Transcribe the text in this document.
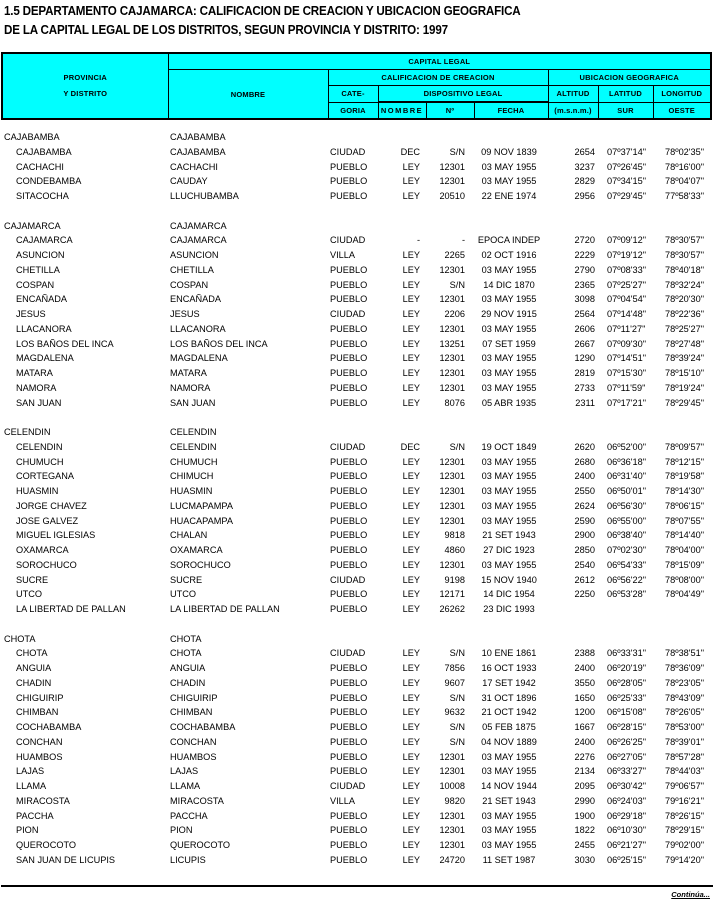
1.5 DEPARTAMENTO CAJAMARCA: CALIFICACION DE CREACION Y UBICACION GEOGRAFICA
DE LA CAPITAL LEGAL DE LOS DISTRITOS, SEGUN PROVINCIA Y DISTRITO: 1997
PROVINCIA
Y DISTRITO	CAPITAL LEGAL							
	NOMBRE	CALIFICACION DE CREACION				UBICACION GEOGRAFICA		
		CATE-	DISPOSITIVO LEGAL			ALTITUD	LATITUD	LONGITUD
		GORIA	NOMBRE	Nº	FECHA	(m.s.n.m.)	SUR	OESTE
CAJABAMBA	CAJABAMBA
CAJABAMBA	CAJABAMBA	CIUDAD	DEC	S/N	09 NOV 1839	2654 07º37'14" 78º02'35"
CACHACHI	CACHACHI	PUEBLO	LEY	12301	03 MAY 1955	3237 07º26'45" 78º16'00"
CONDEBAMBA	CAUDAY	PUEBLO	LEY	12301	03 MAY 1955	2829 07º34'15" 78º04'07"
SITACOCHA	LLUCHUBAMBA	PUEBLO	LEY	20510	22 ENE 1974	2956 07º29'45" 77º58'33"
CAJAMARCA	CAJAMARCA
CAJAMARCA	CAJAMARCA	CIUDAD	-	-	EPOCA INDEP	2720 07º09'12" 78º30'57"
ASUNCION	ASUNCION	VILLA	LEY	2265	02 OCT 1916	2229 07º19'12" 78º30'57"
CHETILLA	CHETILLA	PUEBLO	LEY	12301	03 MAY 1955	2790 07º08'33" 78º40'18"
COSPAN	COSPAN	PUEBLO	LEY	S/N	14 DIC 1870	2365 07º25'27" 78º32'24"
ENCAÑADA	ENCAÑADA	PUEBLO	LEY	12301	03 MAY 1955	3098 07º04'54" 78º20'30"
JESUS	JESUS	CIUDAD	LEY	2206	29 NOV 1915	2564 07º14'48" 78º22'36"
LLACANORA	LLACANORA	PUEBLO	LEY	12301	03 MAY 1955	2606 07º11'27" 78º25'27"
LOS BAÑOS DEL INCA	LOS BAÑOS DEL INCA	PUEBLO	LEY	13251	07 SET 1959	2667 07º09'30" 78º27'48"
MAGDALENA	MAGDALENA	PUEBLO	LEY	12301	03 MAY 1955	1290 07º14'51" 78º39'24"
MATARA	MATARA	PUEBLO	LEY	12301	03 MAY 1955	2819 07º15'30" 78º15'10"
NAMORA	NAMORA	PUEBLO	LEY	12301	03 MAY 1955	2733 07º11'59" 78º19'24"
SAN JUAN	SAN JUAN	PUEBLO	LEY	8076	05 ABR 1935	2311 07º17'21" 78º29'45"
CELENDIN	CELENDIN
CELENDIN	CELENDIN	CIUDAD	DEC	S/N	19 OCT 1849	2620 06º52'00" 78º09'57"
CHUMUCH	CHUMUCH	PUEBLO	LEY	12301	03 MAY 1955	2680 06º36'18" 78º12'15"
CORTEGANA	CHIMUCH	PUEBLO	LEY	12301	03 MAY 1955	2400 06º31'40" 78º19'58"
HUASMIN	HUASMIN	PUEBLO	LEY	12301	03 MAY 1955	2550 06º50'01" 78º14'30"
JORGE CHAVEZ	LUCMAPAMPA	PUEBLO	LEY	12301	03 MAY 1955	2624 06º56'30" 78º06'15"
JOSE GALVEZ	HUACAPAMPA	PUEBLO	LEY	12301	03 MAY 1955	2590 06º55'00" 78º07'55"
MIGUEL IGLESIAS	CHALAN	PUEBLO	LEY	9818	21 SET 1943	2900 06º38'40" 78º14'40"
OXAMARCA	OXAMARCA	PUEBLO	LEY	4860	27 DIC 1923	2850 07º02'30" 78º04'00"
SOROCHUCO	SOROCHUCO	PUEBLO	LEY	12301	03 MAY 1955	2540 06º54'33" 78º15'09"
SUCRE	SUCRE	CIUDAD	LEY	9198	15 NOV 1940	2612 06º56'22" 78º08'00"
UTCO	UTCO	PUEBLO	LEY	12171	14 DIC 1954	2250 06º53'28" 78º04'49"
LA LIBERTAD DE PALLAN	LA LIBERTAD DE PALLAN	PUEBLO	LEY	26262	23 DIC 1993
CHOTA	CHOTA
CHOTA	CHOTA	CIUDAD	LEY	S/N	10 ENE 1861	2388 06º33'31" 78º38'51"
ANGUIA	ANGUIA	PUEBLO	LEY	7856	16 OCT 1933	2400 06º20'19" 78º36'09"
CHADIN	CHADIN	PUEBLO	LEY	9607	17 SET 1942	3550 06º28'05" 78º23'05"
CHIGUIRIP	CHIGUIRIP	PUEBLO	LEY	S/N	31 OCT 1896	1650 06º25'33" 78º43'09"
CHIMBAN	CHIMBAN	PUEBLO	LEY	9632	21 OCT 1942	1200 06º15'08" 78º26'05"
COCHABAMBA	COCHABAMBA	PUEBLO	LEY	S/N	05 FEB 1875	1667 06º28'15" 78º53'00"
CONCHAN	CONCHAN	PUEBLO	LEY	S/N	04 NOV 1889	2400 06º26'25" 78º39'01"
HUAMBOS	HUAMBOS	PUEBLO	LEY	12301	03 MAY 1955	2276 06º27'05" 78º57'28"
LAJAS	LAJAS	PUEBLO	LEY	12301	03 MAY 1955	2134 06º33'27" 78º44'03"
LLAMA	LLAMA	CIUDAD	LEY	10008	14 NOV 1944	2095 06º30'42" 79º06'57"
MIRACOSTA	MIRACOSTA	VILLA	LEY	9820	21 SET 1943	2990 06º24'03" 79º16'21"
PACCHA	PACCHA	PUEBLO	LEY	12301	03 MAY 1955	1900 06º29'18" 78º26'15"
PION	PION	PUEBLO	LEY	12301	03 MAY 1955	1822 06º10'30" 78º29'15"
QUEROCOTO	QUEROCOTO	PUEBLO	LEY	12301	03 MAY 1955	2455 06º21'27" 79º02'00"
SAN JUAN DE LICUPIS	LICUPIS	PUEBLO	LEY	24720	11 SET 1987	3030 06º25'15" 79º14'20"
Continúa...
